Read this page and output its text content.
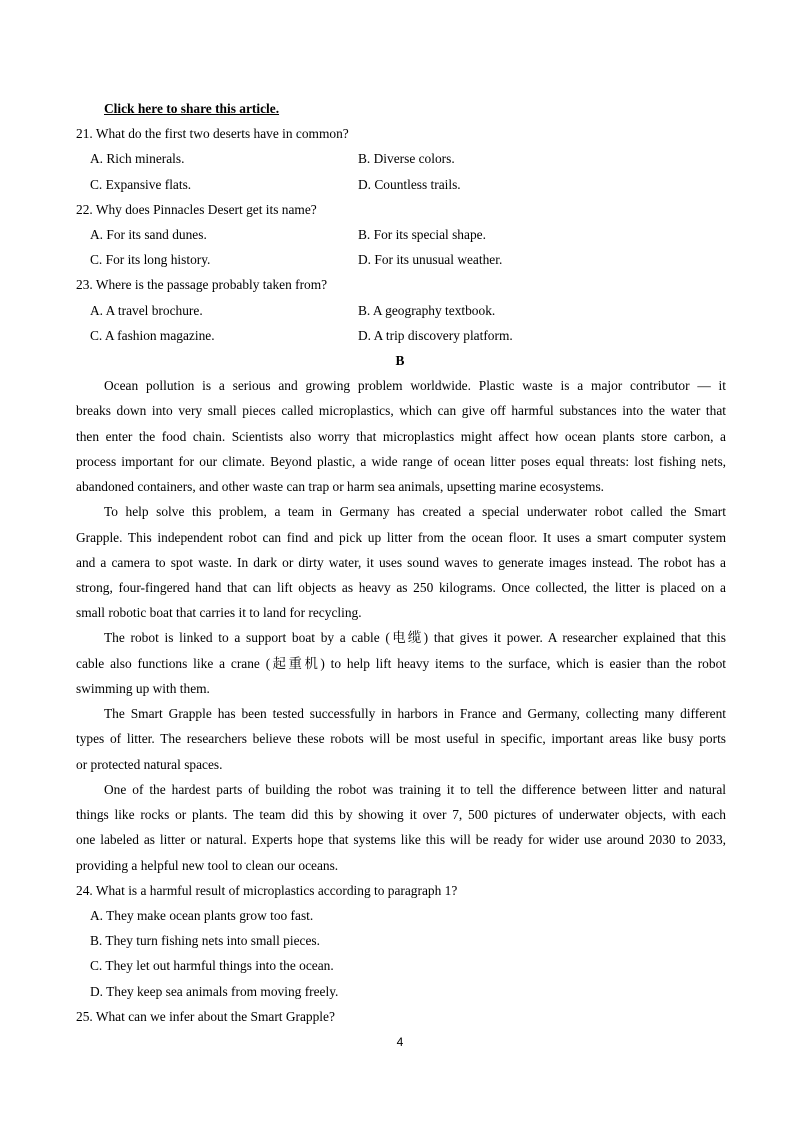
Click here to share this article.
21. What do the first two deserts have in common?
A. Rich minerals.	B. Diverse colors.
C. Expansive flats.	D. Countless trails.
22. Why does Pinnacles Desert get its name?
A. For its sand dunes.	B. For its special shape.
C. For its long history.	D. For its unusual weather.
23. Where is the passage probably taken from?
A. A travel brochure.	B. A geography textbook.
C. A fashion magazine.	D. A trip discovery platform.
B
Ocean pollution is a serious and growing problem worldwide. Plastic waste is a major contributor — it
breaks down into very small pieces called microplastics, which can give off harmful substances into the water that
then enter the food chain. Scientists also worry that microplastics might affect how ocean plants store carbon, a
process important for our climate. Beyond plastic, a wide range of ocean litter poses equal threats: lost fishing nets,
abandoned containers, and other waste can trap or harm sea animals, upsetting marine ecosystems.
To help solve this problem, a team in Germany has created a special underwater robot called the Smart
Grapple. This independent robot can find and pick up litter from the ocean floor. It uses a smart computer system
and a camera to spot waste. In dark or dirty water, it uses sound waves to generate images instead. The robot has a
strong, four-fingered hand that can lift objects as heavy as 250 kilograms. Once collected, the litter is placed on a
small robotic boat that carries it to land for recycling.
The robot is linked to a support boat by a cable (电缆) that gives it power. A researcher explained that this
cable also functions like a crane (起重机) to help lift heavy items to the surface, which is easier than the robot
swimming up with them.
The Smart Grapple has been tested successfully in harbors in France and Germany, collecting many different
types of litter. The researchers believe these robots will be most useful in specific, important areas like busy ports
or protected natural spaces.
One of the hardest parts of building the robot was training it to tell the difference between litter and natural
things like rocks or plants. The team did this by showing it over 7, 500 pictures of underwater objects, with each
one labeled as litter or natural. Experts hope that systems like this will be ready for wider use around 2030 to 2033,
providing a helpful new tool to clean our oceans.
24. What is a harmful result of microplastics according to paragraph 1?
A. They make ocean plants grow too fast.
B. They turn fishing nets into small pieces.
C. They let out harmful things into the ocean.
D. They keep sea animals from moving freely.
25. What can we infer about the Smart Grapple?
4
